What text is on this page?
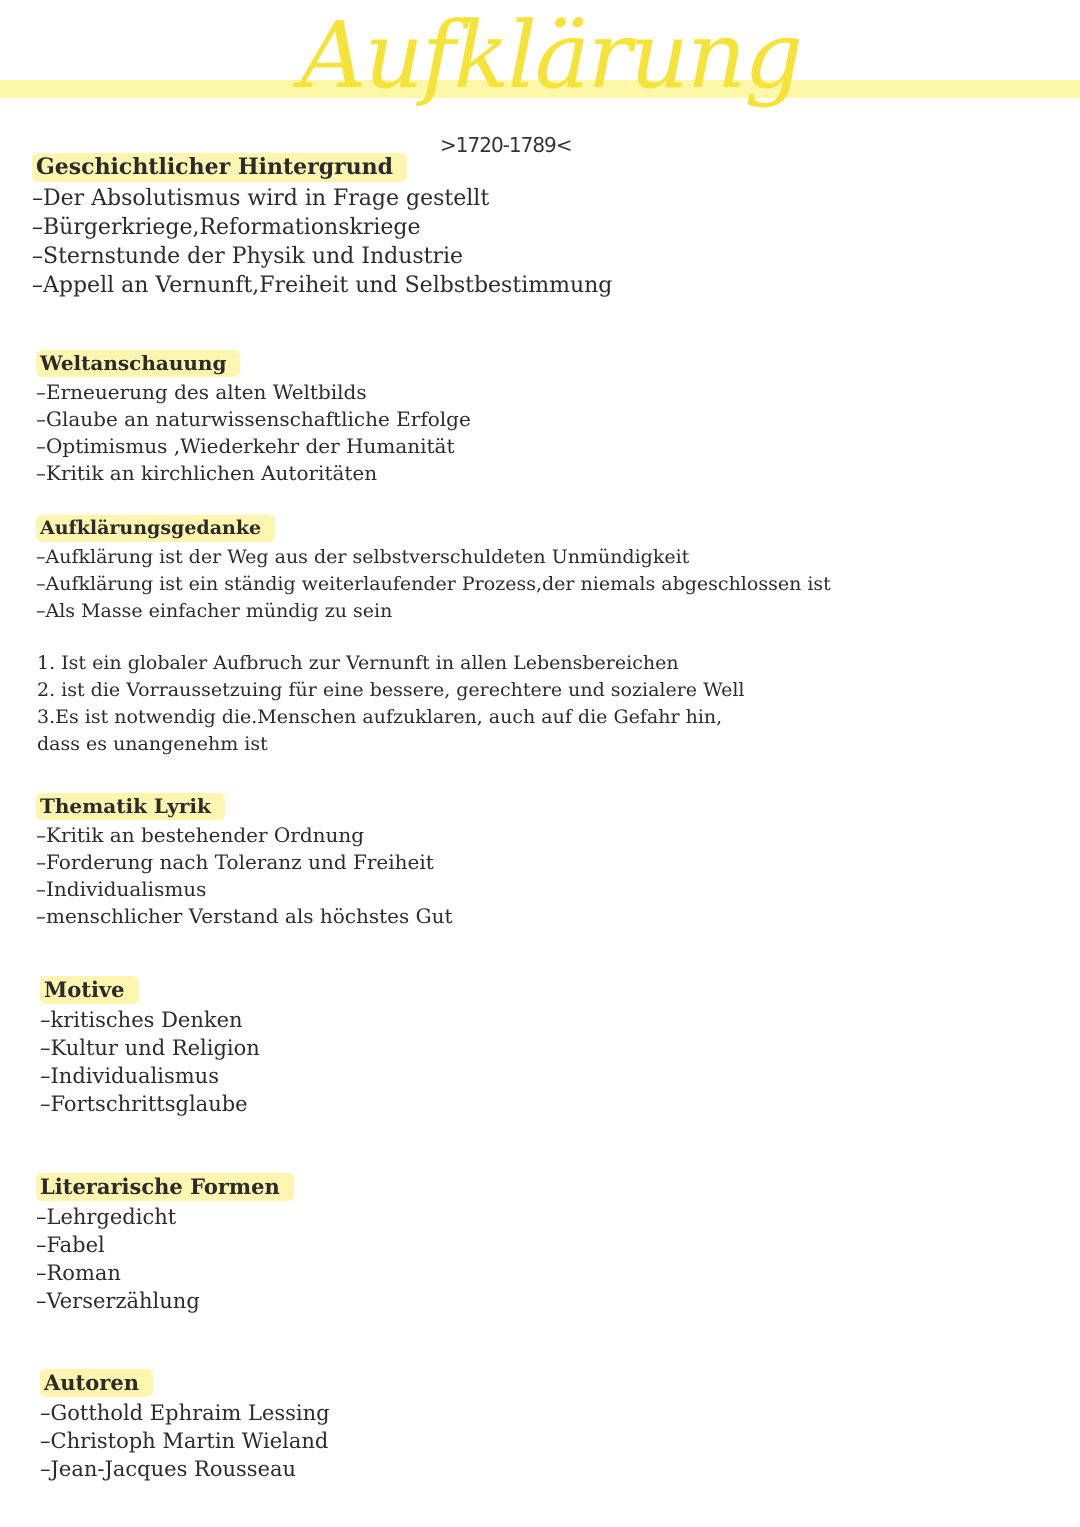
Aufklärung
>1720-1789<
Geschichtlicher Hintergrund
–Der Absolutismus wird in Frage gestellt
–Bürgerkriege,Reformationskriege
–Sternstunde der Physik und Industrie
–Appell an Vernunft,Freiheit und Selbstbestimmung
Weltanschauung
–Erneuerung des alten Weltbilds
–Glaube an naturwissenschaftliche Erfolge
–Optimismus ,Wiederkehr der Humanität
–Kritik an kirchlichen Autoritäten
Aufklärungsgedanke
–Aufklärung ist der Weg aus der selbstverschuldeten Unmündigkeit
–Aufklärung ist ein ständig weiterlaufender Prozess,der niemals abgeschlossen ist
–Als Masse einfacher mündig zu sein
1. Ist ein globaler Aufbruch zur Vernunft in allen Lebensbereichen
2. ist die Vorraussetzuing für eine bessere, gerechtere und sozialere Well
3.Es ist notwendig die.Menschen aufzuklaren, auch auf die Gefahr hin,
dass es unangenehm ist
Thematik Lyrik
–Kritik an bestehender Ordnung
–Forderung nach Toleranz und Freiheit
–Individualismus
–menschlicher Verstand als höchstes Gut
Motive
–kritisches Denken
–Kultur und Religion
–Individualismus
–Fortschrittsglaube
Literarische Formen
–Lehrgedicht
–Fabel
–Roman
–Verserzählung
Autoren
–Gotthold Ephraim Lessing
–Christoph Martin Wieland
–Jean-Jacques Rousseau
